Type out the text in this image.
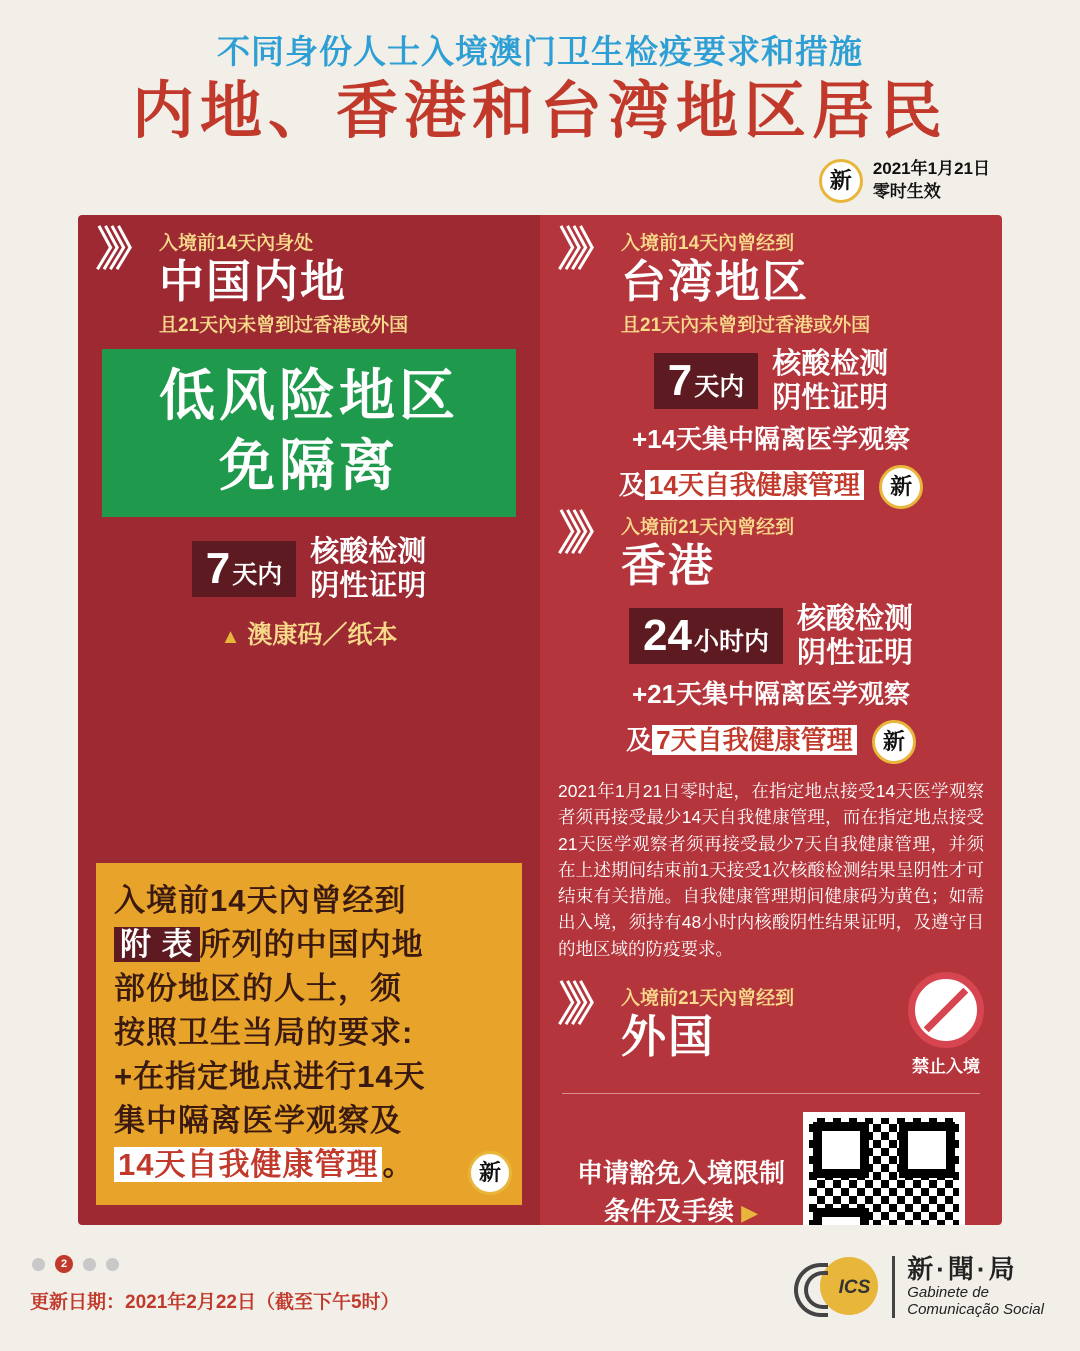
不同身份人士入境澳门卫生检疫要求和措施
内地、香港和台湾地区居民
新	2021年1月21日
零时生效
》》 入境前14天內身处
中国内地
且21天內未曾到过香港或外国
低风险地区
免隔离
7 天内
核酸检测
阴性证明
▲ 澳康码／纸本

入境前14天內曾经到
附 表 所列的中国内地
部份地区的人士，须
按照卫生当局的要求:
+在指定地点进行14天
集中隔离医学观察及
14天自我健康管理 。	新
》》 入境前14天內曾经到
台湾地区
且21天內未曾到过香港或外国
7 天内
核酸检测
阴性证明
+14天集中隔离医学观察
及 14天自我健康管理 新
》》 入境前21天內曾经到
香港
24 小时内
核酸检测
阴性证明
+21天集中隔离医学观察
及 7天自我健康管理 新
2021年1月21日零时起，在指定地点接受14天医学观察者须再接受最少14天自我健康管理，而在指定地点接受21天医学观察者须再接受最少7天自我健康管理，并须在上述期间结束前1天接受1次核酸检测结果呈阴性才可结束有关措施。自我健康管理期间健康码为黄色；如需出入境，须持有48小时内核酸阴性结果证明，及遵守目的地区域的防疫要求。
》》 入境前21天內曾经到
外国
禁止入境
申请豁免入境限制
条件及手续 ▶
2
更新日期：2021年2月22日（截至下午5时）
ICS
新·聞·局
Gabinete de
Comunicação Social
